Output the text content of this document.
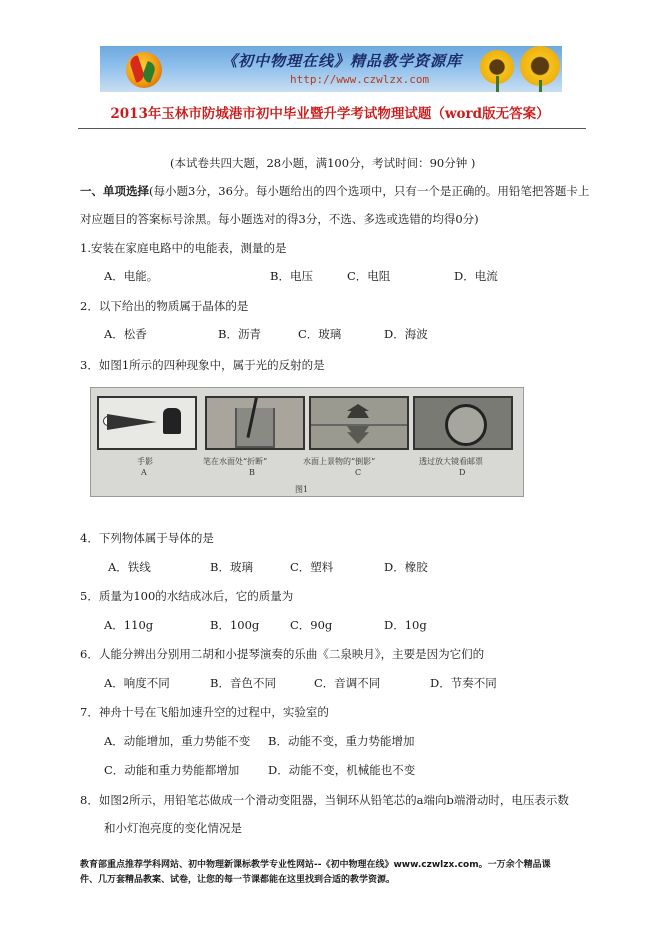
《初中物理在线》精品教学资源库
http://www.czwlzx.com
2013年玉林市防城港市初中毕业暨升学考试物理试题（word版无答案）
(本试卷共四大题，28小题，满100分，考试时间：90分钟 )
一、单项选择(每小题3分，36分。每小题给出的四个选项中，只有一个是正确的。用铅笔把答题卡上
对应题目的答案标号涂黑。每小题选对的得3分，不选、多选或选错的均得0分)
1.安装在家庭电路中的电能表，测量的是
A．电能。	B．电压	C．电阻	D．电流
2．以下给出的物质属于晶体的是
A．松香	B．沥青	C．玻璃	D．海波
3．如图1所示的四种现象中，属于光的反射的是
手影
A
笔在水面处“折断”
B
水面上景物的“倒影”
C
透过放大镜看邮票
D
图1
4．下列物体属于导体的是
A．铁线	B．玻璃	C．塑料	D．橡胶
5．质量为100的水结成冰后，它的质量为
A．110g	B．100g	C．90g	D．10g
6．人能分辨出分别用二胡和小提琴演奏的乐曲《二泉映月》，主要是因为它们的
A．响度不同	B．音色不同	C．音调不同	D．节奏不同
7．神舟十号在飞船加速升空的过程中，实验室的
A．动能增加，重力势能不变 B．动能不变，重力势能增加
C．动能和重力势能都增加 D．动能不变，机械能也不变
8．如图2所示，用铅笔芯做成一个滑动变阻器，当铜环从铅笔芯的a端向b端滑动时，电压表示数
和小灯泡亮度的变化情况是
教育部重点推荐学科网站、初中物理新课标教学专业性网站--《初中物理在线》www.czwlzx.com。一万余个精品课
件、几万套精品教案、试卷，让您的每一节课都能在这里找到合适的教学资源。
